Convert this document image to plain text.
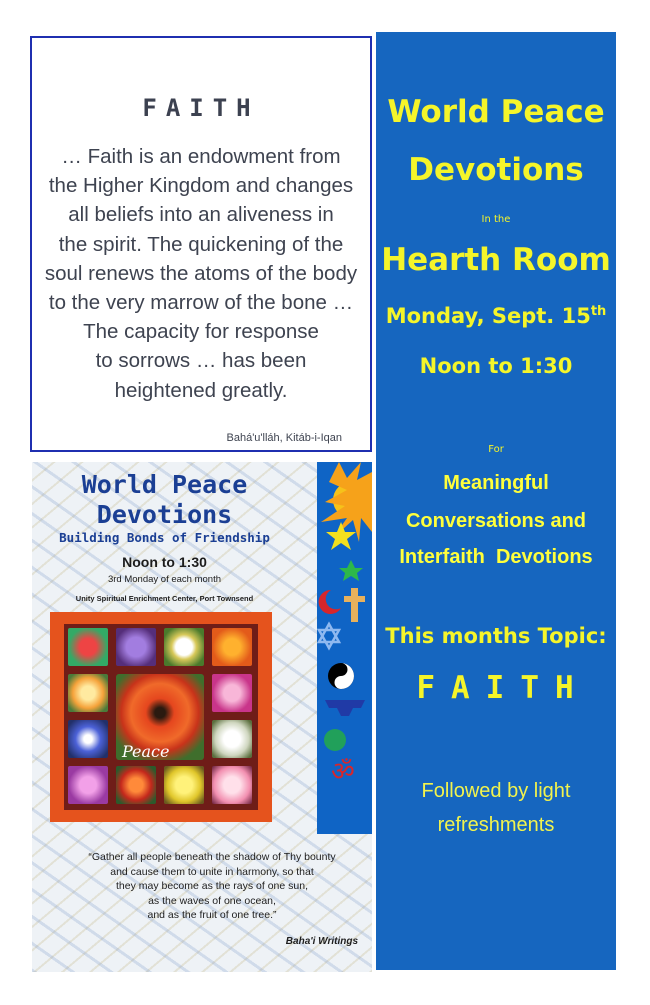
FAITH
… Faith is an endowment from
the Higher Kingdom and changes
all beliefs into an aliveness in
the spirit. The quickening of the
soul renews the atoms of the body
to the very marrow of the bone …
The capacity for response
to sorrows … has been
heightened greatly.
Bahá'u'lláh, Kitáb-i-Iqan
World Peace
Devotions
In the
Hearth Room
Monday, Sept. 15th
Noon to 1:30
For
Meaningful
Conversations and
Interfaith  Devotions
This months Topic:
FAITH
Followed by light
refreshments
World Peace
Devotions
Building Bonds of Friendship
Noon to 1:30
3rd Monday of each month
Unity Spiritual Enrichment Center, Port Townsend
Peace
ॐ
“Gather all people beneath the shadow of Thy bounty
and cause them to unite in harmony, so that
they may become as the rays of one sun,
as the waves of one ocean,
and as the fruit of one tree.”
Baha'i Writings
